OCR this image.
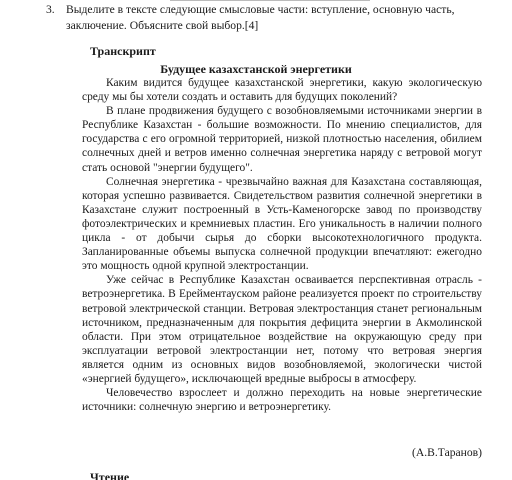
3. Выделите в тексте следующие смысловые части: вступление, основную часть, заключение. Объясните свой выбор.[4]
Транскрипт
Будущее казахстанской энергетики

Каким видится будущее казахстанской энергетики, какую экологическую среду мы бы хотели создать и оставить для будущих поколений?

В плане продвижения будущего с возобновляемыми источниками энергии в Республике Казахстан - большие возможности. По мнению специалистов, для государства с его огромной территорией, низкой плотностью населения, обилием солнечных дней и ветров именно солнечная энергетика наряду с ветровой могут стать основой "энергии будущего".

Солнечная энергетика - чрезвычайно важная для Казахстана составляющая, которая успешно развивается. Свидетельством развития солнечной энергетики в Казахстане служит построенный в Усть-Каменогорске завод по производству фотоэлектрических и кремниевых пластин. Его уникальность в наличии полного цикла - от добычи сырья до сборки высокотехнологичного продукта. Запланированные объемы выпуска солнечной продукции впечатляют: ежегодно это мощность одной крупной электростанции.

Уже сейчас в Республике Казахстан осваивается перспективная отрасль - ветроэнергетика. В Ерейментауском районе реализуется проект по строительству ветровой электрической станции. Ветровая электростанция станет региональным источником, предназначенным для покрытия дефицита энергии в Акмолинской области. При этом отрицательное воздействие на окружающую среду при эксплуатации ветровой электростанции нет, потому что ветровая энергия является одним из основных видов возобновляемой, экологически чистой «энергией будущего», исключающей вредные выбросы в атмосферу.

Человечество взрослеет и должно переходить на новые энергетические источники: солнечную энергию и ветроэнергетику.

(А.В.Таранов)
Чтение
